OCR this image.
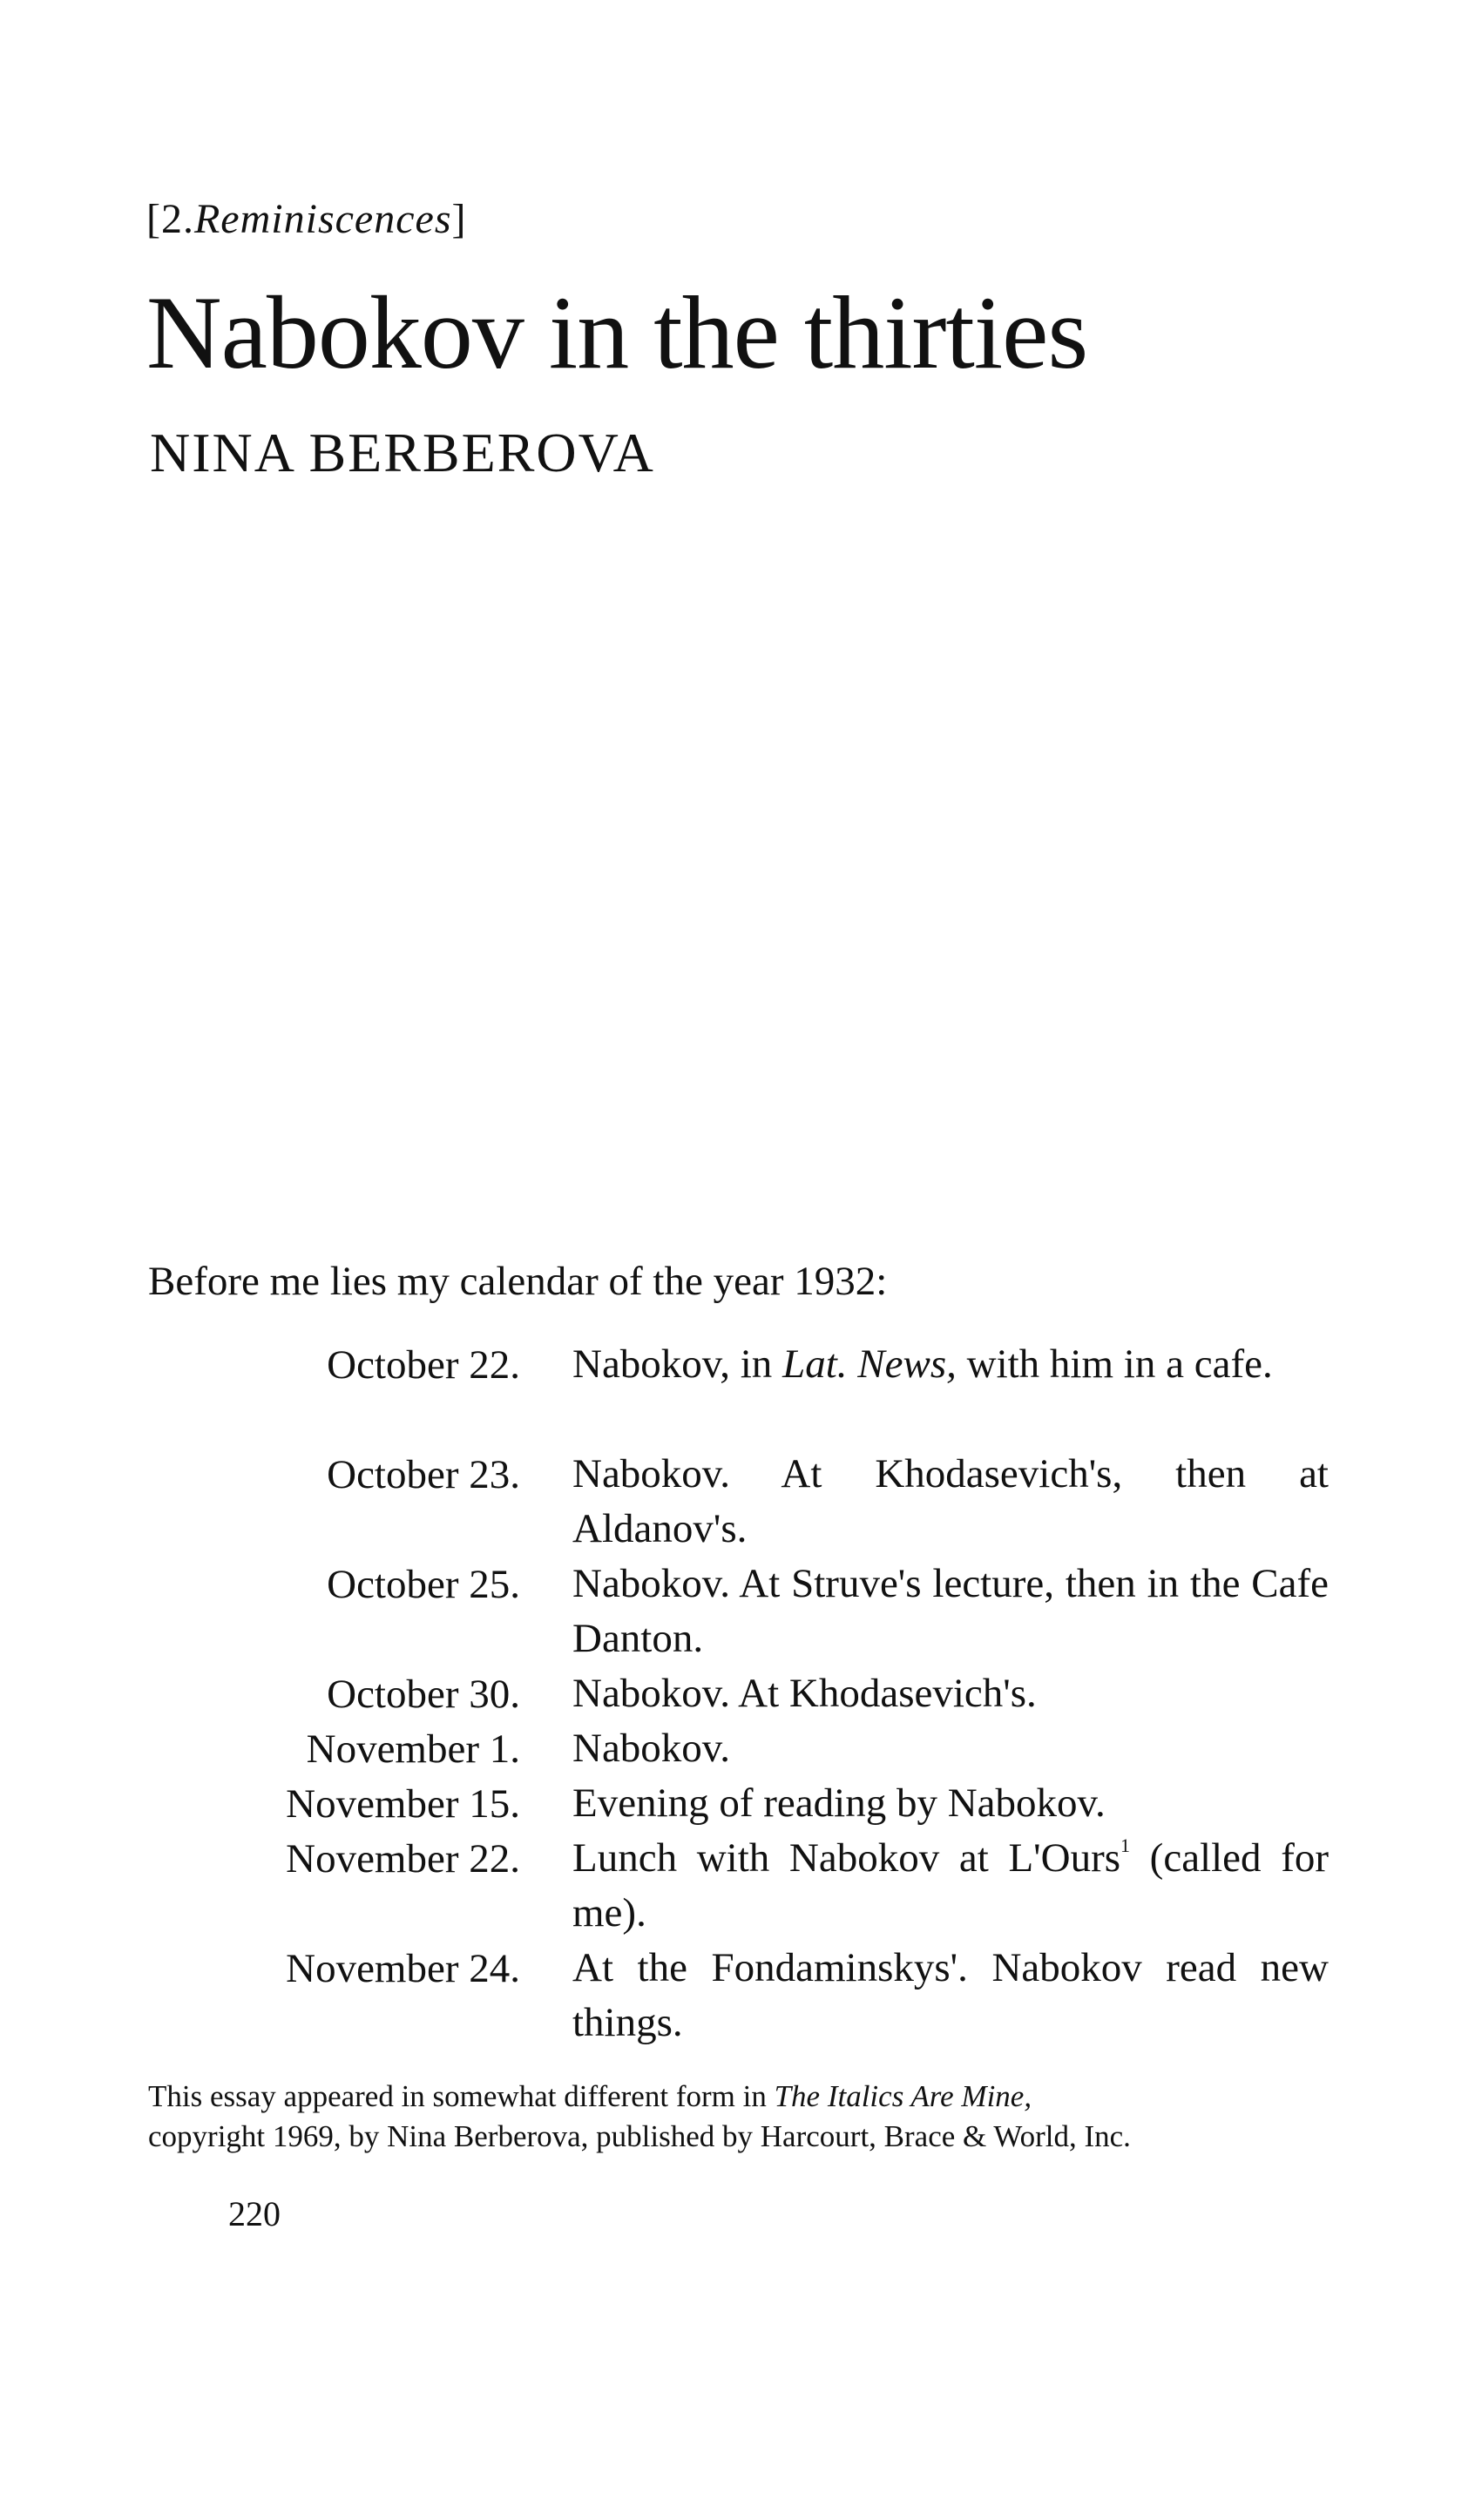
[2.Reminiscences]
Nabokov in the thirties
NINA BERBEROVA
Before me lies my calendar of the year 1932:
October 22. Nabokov, in Lat. News, with him in a cafe.
October 23. Nabokov. At Khodasevich's, then at Aldanov's.
October 25. Nabokov. At Struve's lecture, then in the Cafe Danton.
October 30. Nabokov. At Khodasevich's.
November 1. Nabokov.
November 15. Evening of reading by Nabokov.
November 22. Lunch with Nabokov at L'Ours$^1$ (called for me).
November 24. At the Fondaminskys'. Nabokov read new things.
This essay appeared in somewhat different form in The Italics Are Mine,
copyright 1969, by Nina Berberova, published by Harcourt, Brace & World, Inc.
220
